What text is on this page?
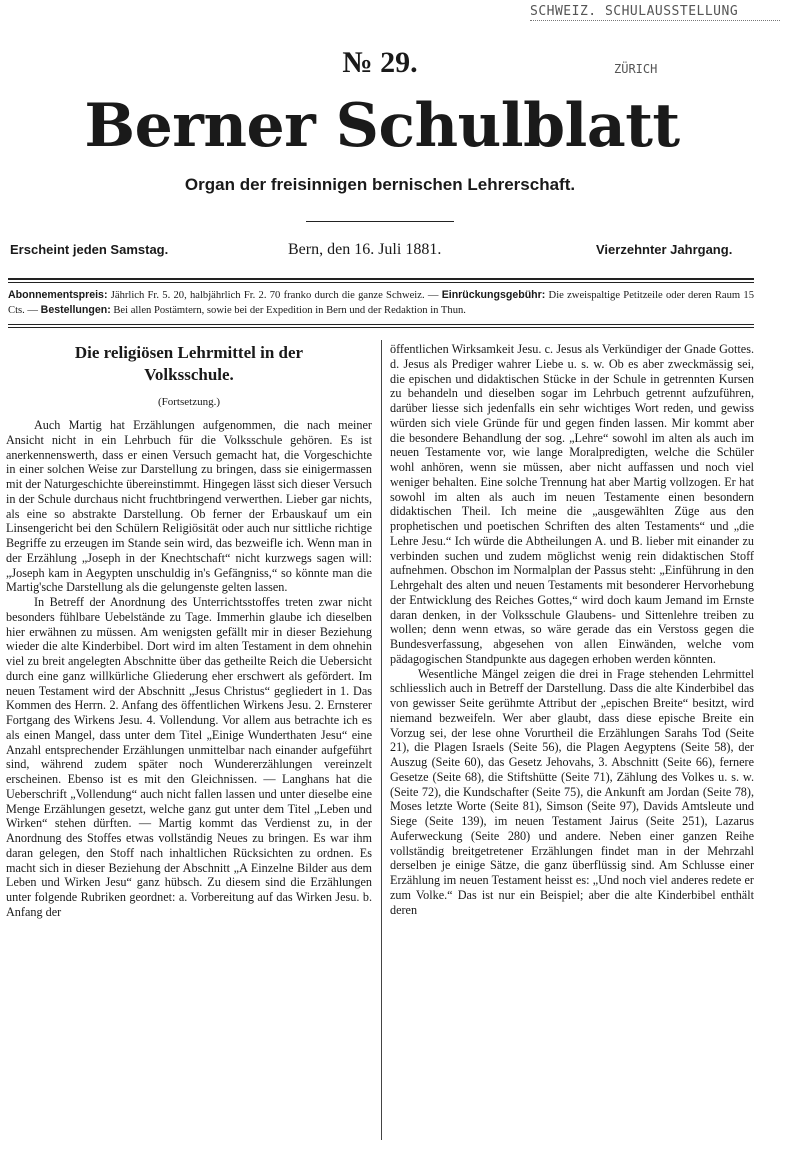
SCHWEIZ. SCHULAUSSTELLUNG
ZÜRICH
№ 29.
Berner Schulblatt
Organ der freisinnigen bernischen Lehrerschaft.
Erscheint jeden Samstag.	Bern, den 16. Juli 1881.	Vierzehnter Jahrgang.
Abonnementspreis: Jährlich Fr. 5. 20, halbjährlich Fr. 2. 70 franko durch die ganze Schweiz. — Einrückungsgebühr: Die zweispaltige Petitzeile oder deren Raum 15 Cts. — Bestellungen: Bei allen Postämtern, sowie bei der Expedition in Bern und der Redaktion in Thun.
Die religiösen Lehrmittel in der
Volksschule.
(Fortsetzung.)
Auch Martig hat Erzählungen aufgenommen, die nach meiner Ansicht nicht in ein Lehrbuch für die Volksschule gehören. Es ist anerkennenswerth, dass er einen Versuch gemacht hat, die Vorgeschichte in einer solchen Weise zur Darstellung zu bringen, dass sie einigermassen mit der Naturgeschichte übereinstimmt. Hingegen lässt sich dieser Versuch in der Schule durchaus nicht fruchtbringend verwerthen. Lieber gar nichts, als eine so abstrakte Darstellung. Ob ferner der Erbauskauf um ein Linsengericht bei den Schülern Religiösität oder auch nur sittliche richtige Begriffe zu erzeugen im Stande sein wird, das bezweifle ich. Wenn man in der Erzählung „Joseph in der Knechtschaft“ nicht kurzwegs sagen will: „Joseph kam in Aegypten unschuldig in's Gefängniss,“ so könnte man die Martig'sche Darstellung als die gelungenste gelten lassen.
In Betreff der Anordnung des Unterrichtsstoffes treten zwar nicht besonders fühlbare Uebelstände zu Tage. Immerhin glaube ich dieselben hier erwähnen zu müssen. Am wenigsten gefällt mir in dieser Beziehung wieder die alte Kinderbibel. Dort wird im alten Testament in dem ohnehin viel zu breit angelegten Abschnitte über das getheilte Reich die Uebersicht durch eine ganz willkürliche Gliederung eher erschwert als gefördert. Im neuen Testament wird der Abschnitt „Jesus Christus“ gegliedert in 1. Das Kommen des Herrn. 2. Anfang des öffentlichen Wirkens Jesu. 2. Ernsterer Fortgang des Wirkens Jesu. 4. Vollendung. Vor allem aus betrachte ich es als einen Mangel, dass unter dem Titel „Einige Wunderthaten Jesu“ eine Anzahl entsprechender Erzählungen unmittelbar nach einander aufgeführt sind, während zudem später noch Wundererzählungen vereinzelt erscheinen. Ebenso ist es mit den Gleichnissen. — Langhans hat die Ueberschrift „Vollendung“ auch nicht fallen lassen und unter dieselbe eine Menge Erzählungen gesetzt, welche ganz gut unter dem Titel „Leben und Wirken“ stehen dürften. — Martig kommt das Verdienst zu, in der Anordnung des Stoffes etwas vollständig Neues zu bringen. Es war ihm daran gelegen, den Stoff nach inhaltlichen Rücksichten zu ordnen. Es macht sich in dieser Beziehung der Abschnitt „A Einzelne Bilder aus dem Leben und Wirken Jesu“ ganz hübsch. Zu diesem sind die Erzählungen unter folgende Rubriken geordnet: a. Vorbereitung auf das Wirken Jesu. b. Anfang der
öffentlichen Wirksamkeit Jesu. c. Jesus als Verkündiger der Gnade Gottes. d. Jesus als Prediger wahrer Liebe u. s. w. Ob es aber zweckmässig sei, die epischen und didaktischen Stücke in der Schule in getrennten Kursen zu behandeln und dieselben sogar im Lehrbuch getrennt aufzuführen, darüber liesse sich jedenfalls ein sehr wichtiges Wort reden, und gewiss würden sich viele Gründe für und gegen finden lassen. Mir kommt aber die besondere Behandlung der sog. „Lehre“ sowohl im alten als auch im neuen Testamente vor, wie lange Moralpredigten, welche die Schüler wohl anhören, wenn sie müssen, aber nicht auffassen und noch viel weniger behalten. Eine solche Trennung hat aber Martig vollzogen. Er hat sowohl im alten als auch im neuen Testamente einen besondern didaktischen Theil. Ich meine die „ausgewählten Züge aus den prophetischen und poetischen Schriften des alten Testaments“ und „die Lehre Jesu.“ Ich würde die Abtheilungen A. und B. lieber mit einander zu verbinden suchen und zudem möglichst wenig rein didaktischen Stoff aufnehmen. Obschon im Normalplan der Passus steht: „Einführung in den Lehrgehalt des alten und neuen Testaments mit besonderer Hervorhebung der Entwicklung des Reiches Gottes,“ wird doch kaum Jemand im Ernste daran denken, in der Volksschule Glaubens- und Sittenlehre treiben zu wollen; denn wenn etwas, so wäre gerade das ein Verstoss gegen die Bundesverfassung, abgesehen von allen Einwänden, welche vom pädagogischen Standpunkte aus dagegen erhoben werden könnten.
Wesentliche Mängel zeigen die drei in Frage stehenden Lehrmittel schliesslich auch in Betreff der Darstellung. Dass die alte Kinderbibel das von gewisser Seite gerühmte Attribut der „epischen Breite“ besitzt, wird niemand bezweifeln. Wer aber glaubt, dass diese epische Breite ein Vorzug sei, der lese ohne Vorurtheil die Erzählungen Sarahs Tod (Seite 21), die Plagen Israels (Seite 56), die Plagen Aegyptens (Seite 58), der Auszug (Seite 60), das Gesetz Jehovahs, 3. Abschnitt (Seite 66), fernere Gesetze (Seite 68), die Stiftshütte (Seite 71), Zählung des Volkes u. s. w. (Seite 72), die Kundschafter (Seite 75), die Ankunft am Jordan (Seite 78), Moses letzte Worte (Seite 81), Simson (Seite 97), Davids Amtsleute und Siege (Seite 139), im neuen Testament Jairus (Seite 251), Lazarus Auferweckung (Seite 280) und andere. Neben einer ganzen Reihe vollständig breitgetretener Erzählungen findet man in der Mehrzahl derselben je einige Sätze, die ganz überflüssig sind. Am Schlusse einer Erzählung im neuen Testament heisst es: „Und noch viel anderes redete er zum Volke.“ Das ist nur ein Beispiel; aber die alte Kinderbibel enthält deren
